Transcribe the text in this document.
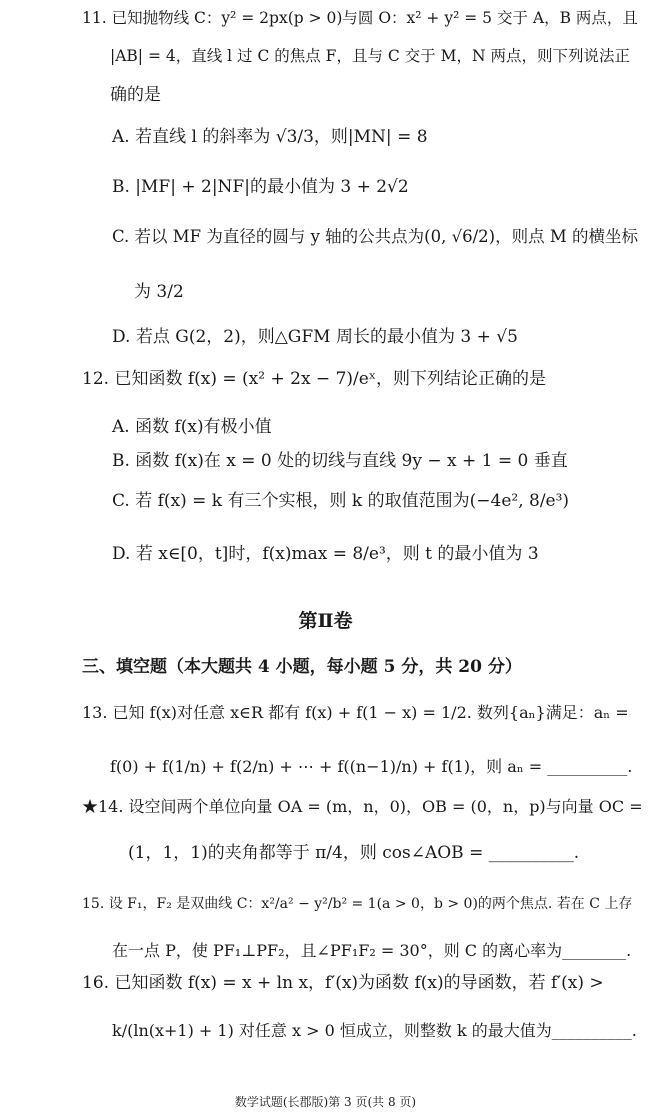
11. 已知抛物线 C：y² = 2px(p > 0)与圆 O：x² + y² = 5 交于 A，B 两点，且
|AB| = 4，直线 l 过 C 的焦点 F，且与 C 交于 M，N 两点，则下列说法正
确的是
A. 若直线 l 的斜率为 √3/3，则|MN| = 8
B. |MF| + 2|NF|的最小值为 3 + 2√2
C. 若以 MF 为直径的圆与 y 轴的公共点为(0, √6/2)，则点 M 的横坐标
为 3/2
D. 若点 G(2，2)，则△GFM 周长的最小值为 3 + √5
12. 已知函数 f(x) = (x² + 2x − 7)/eˣ，则下列结论正确的是
A. 函数 f(x)有极小值
B. 函数 f(x)在 x = 0 处的切线与直线 9y − x + 1 = 0 垂直
C. 若 f(x) = k 有三个实根，则 k 的取值范围为(−4e², 8/e³)
D. 若 x∈[0，t]时，f(x)max = 8/e³，则 t 的最小值为 3
第Ⅱ卷
三、填空题（本大题共 4 小题，每小题 5 分，共 20 分）
13. 已知 f(x)对任意 x∈R 都有 f(x) + f(1 − x) = 1/2. 数列{aₙ}满足：aₙ =
f(0) + f(1/n) + f(2/n) + ⋯ + f((n−1)/n) + f(1)，则 aₙ = __________.
★14. 设空间两个单位向量 OA = (m，n，0)，OB = (0，n，p)与向量 OC =
(1，1，1)的夹角都等于 π/4，则 cos∠AOB = __________.
15. 设 F₁，F₂ 是双曲线 C：x²/a² − y²/b² = 1(a > 0，b > 0)的两个焦点. 若在 C 上存
在一点 P，使 PF₁⊥PF₂，且∠PF₁F₂ = 30°，则 C 的离心率为________.
16. 已知函数 f(x) = x + ln x，f′(x)为函数 f(x)的导函数，若 f′(x) >
k/(ln(x+1) + 1) 对任意 x > 0 恒成立，则整数 k 的最大值为__________.
数学试题(长郡版)第 3 页(共 8 页)
